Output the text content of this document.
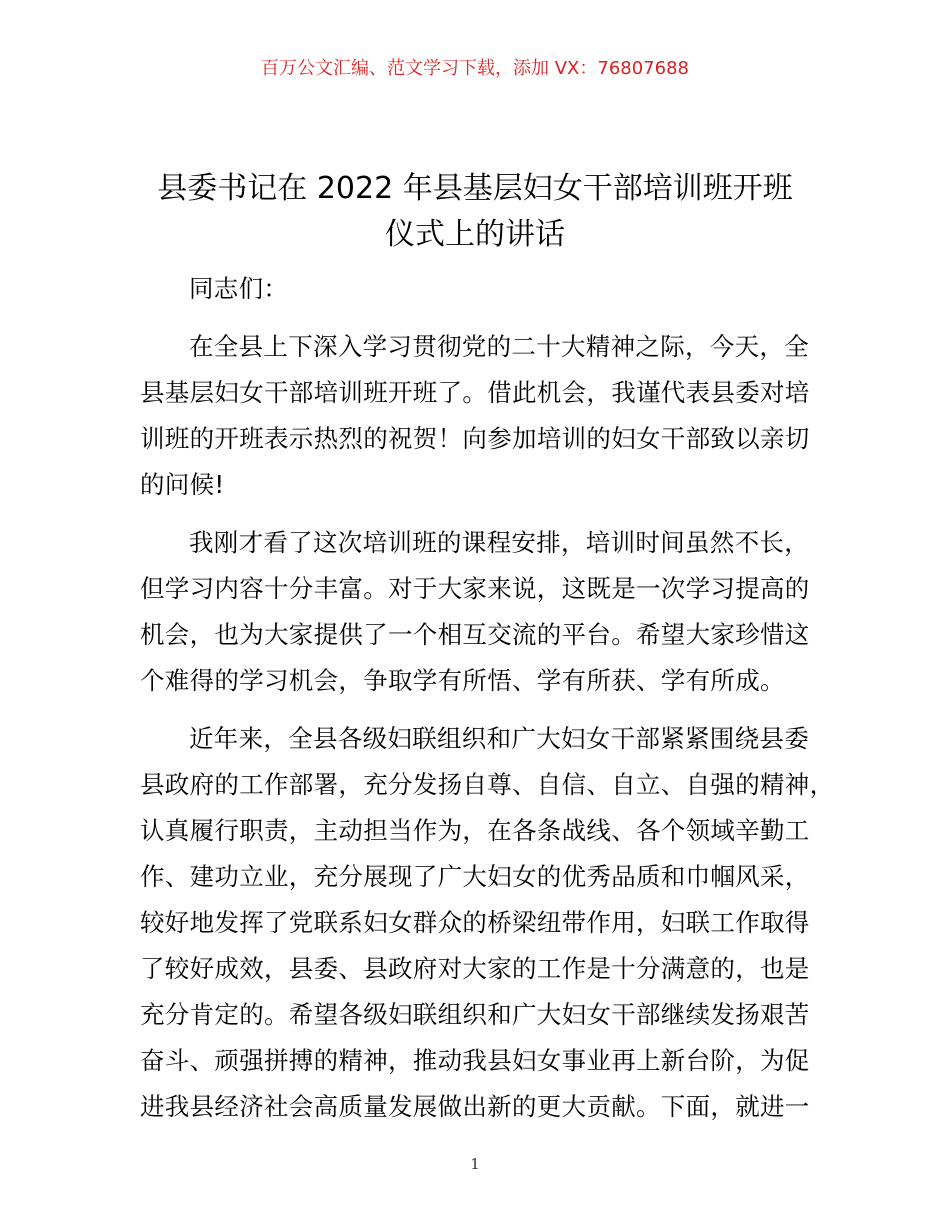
百万公文汇编、范文学习下载，添加 VX：76807688
县委书记在 2022 年县基层妇女干部培训班开班
仪式上的讲话

同志们：

在全县上下深入学习贯彻党的二十大精神之际，今天，全
县基层妇女干部培训班开班了。借此机会，我谨代表县委对培
训班的开班表示热烈的祝贺！向参加培训的妇女干部致以亲切
的问候!

我刚才看了这次培训班的课程安排，培训时间虽然不长，
但学习内容十分丰富。对于大家来说，这既是一次学习提高的
机会，也为大家提供了一个相互交流的平台。希望大家珍惜这
个难得的学习机会，争取学有所悟、学有所获、学有所成。

近年来，全县各级妇联组织和广大妇女干部紧紧围绕县委
县政府的工作部署，充分发扬自尊、自信、自立、自强的精神，
认真履行职责，主动担当作为，在各条战线、各个领域辛勤工
作、建功立业，充分展现了广大妇女的优秀品质和巾帼风采，
较好地发挥了党联系妇女群众的桥梁纽带作用，妇联工作取得
了较好成效，县委、县政府对大家的工作是十分满意的，也是
充分肯定的。希望各级妇联组织和广大妇女干部继续发扬艰苦
奋斗、顽强拼搏的精神，推动我县妇女事业再上新台阶，为促
进我县经济社会高质量发展做出新的更大贡献。下面，就进一

1
